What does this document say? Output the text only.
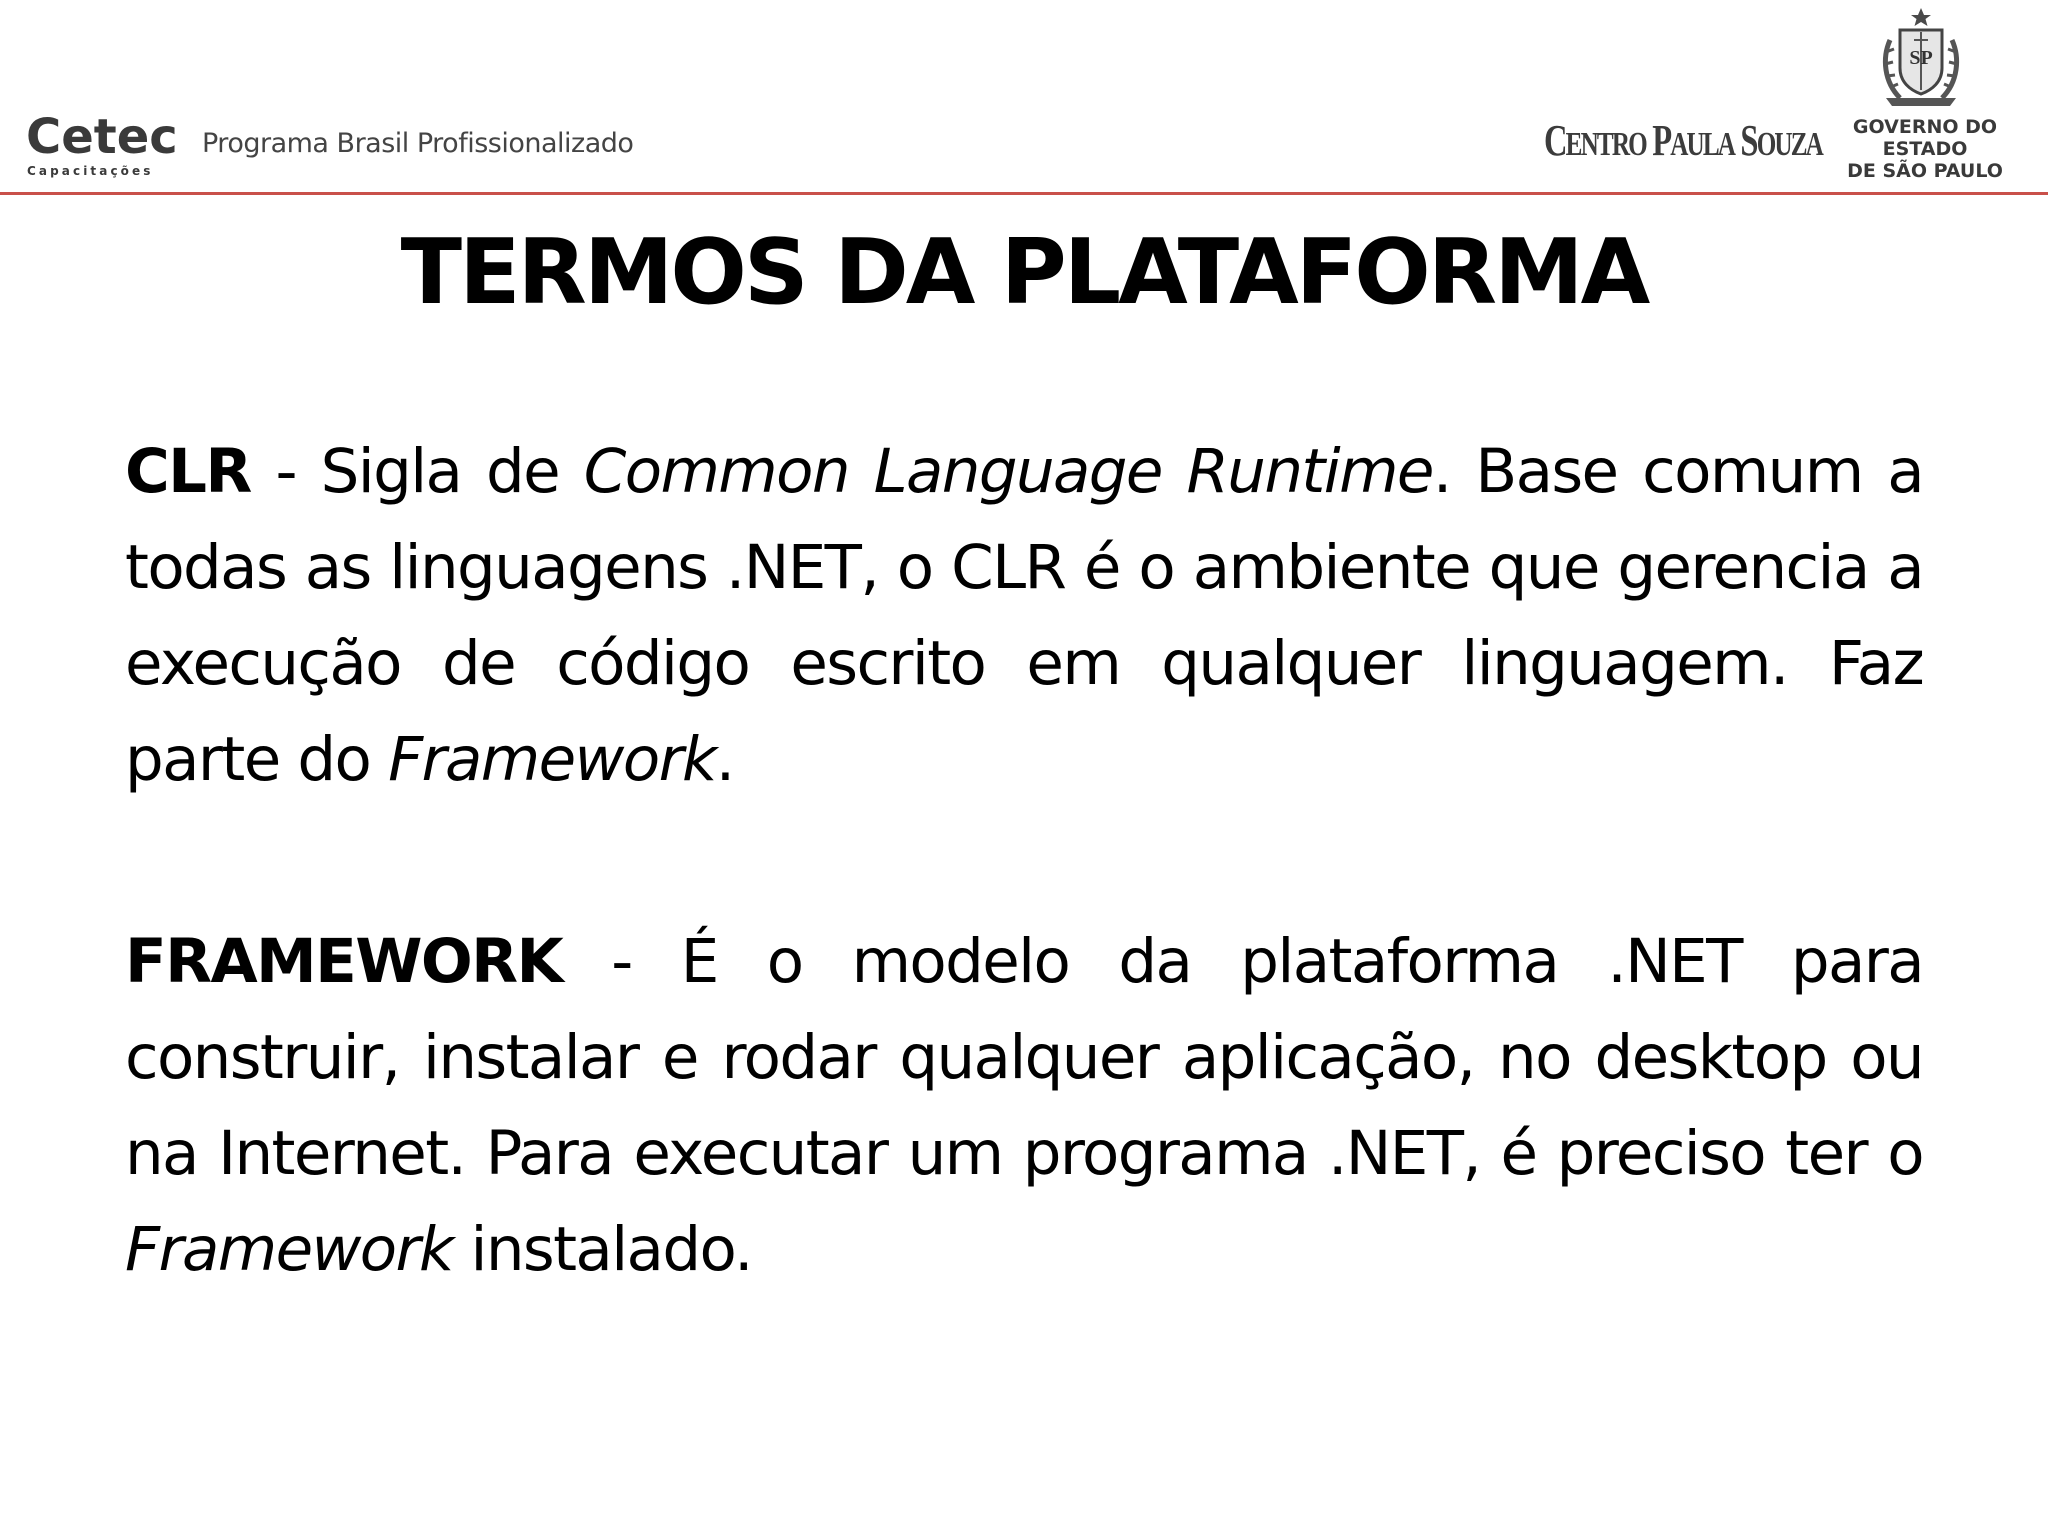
Cetec
Capacitações
Programa Brasil Profissionalizado	CENTRO PAULA SOUZA
SP
GOVERNO DO ESTADO
DE SÃO PAULO
TERMOS DA PLATAFORMA

CLR - Sigla de Common Language Runtime. Base comum a todas as linguagens .NET, o CLR é o ambiente que gerencia a execução de código escrito em qualquer linguagem. Faz parte do Framework.

FRAMEWORK - É o modelo da plataforma .NET para construir, instalar e rodar qualquer aplicação, no desktop ou na Internet. Para executar um programa .NET, é preciso ter o Framework instalado.
